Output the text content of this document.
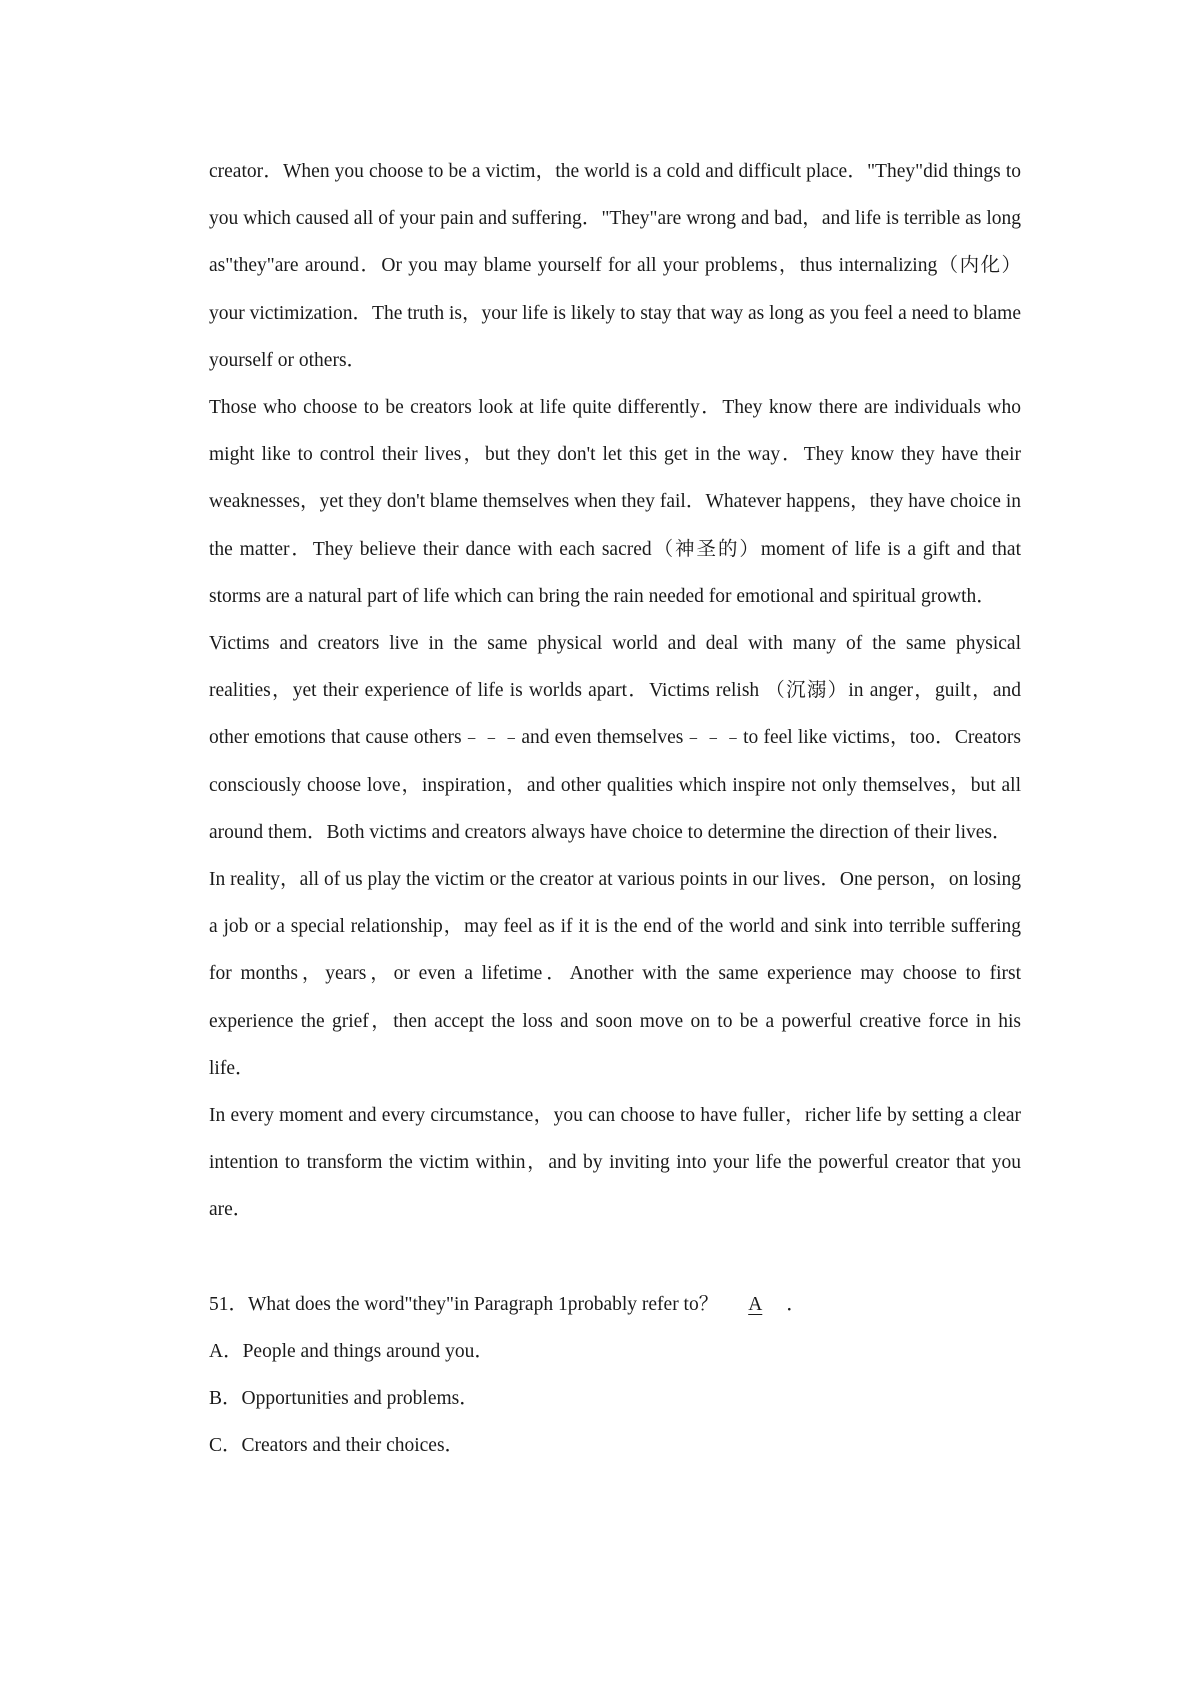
creator．When you choose to be a victim，the world is a cold and difficult place．"They"did things to you which caused all of your pain and suffering．"They"are wrong and bad，and life is terrible as long as"they"are around．Or you may blame yourself for all your problems，thus internalizing（内化）your victimization．The truth is，your life is likely to stay that way as long as you feel a need to blame yourself or others．

Those who choose to be creators look at life quite differently．They know there are individuals who might like to control their lives，but they don't let this get in the way．They know they have their weaknesses，yet they don't blame themselves when they fail．Whatever happens，they have choice in the matter．They believe their dance with each sacred（神圣的）moment of life is a gift and that storms are a natural part of life which can bring the rain needed for emotional and spiritual growth．

Victims and creators live in the same physical world and deal with many of the same physical realities，yet their experience of life is worlds apart．Victims relish （沉溺）in anger，guilt，and other emotions that cause others﹣﹣﹣and even themselves﹣﹣﹣to feel like victims，too．Creators consciously choose love，inspiration，and other qualities which inspire not only themselves，but all around them．Both victims and creators always have choice to determine the direction of their lives．

In reality，all of us play the victim or the creator at various points in our lives．One person，on losing a job or a special relationship，may feel as if it is the end of the world and sink into terrible suffering for months，years，or even a lifetime．Another with the same experience may choose to first experience the grief，then accept the loss and soon move on to be a powerful creative force in his life．

In every moment and every circumstance，you can choose to have fuller，richer life by setting a clear intention to transform the victim within，and by inviting into your life the powerful creator that you are．

51．What does the word"they"in Paragraph 1probably refer to？ A ．

A．People and things around you．

B．Opportunities and problems．

C．Creators and their choices．
